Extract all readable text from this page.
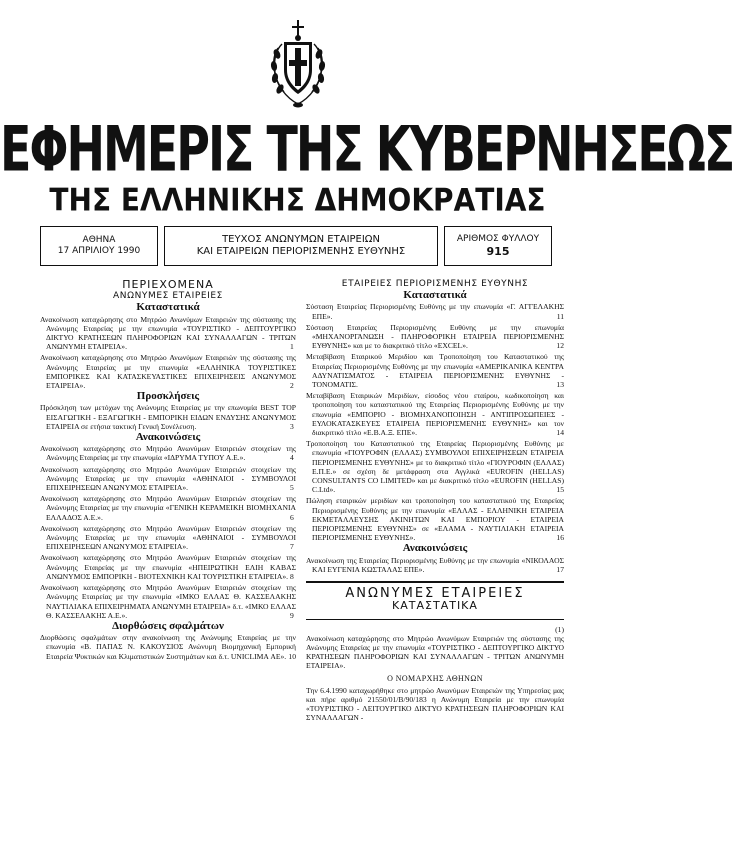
ΕΦΗΜΕΡΙΣ ΤΗΣ ΚΥΒΕΡΝΗΣΕΩΣ
ΤΗΣ ΕΛΛΗΝΙΚΗΣ ΔΗΜΟΚΡΑΤΙΑΣ
ΑΘΗΝΑ
17 ΑΠΡΙΛΙΟΥ 1990
ΤΕΥΧΟΣ ΑΝΩΝΥΜΩΝ ΕΤΑΙΡΕΙΩΝ
ΚΑΙ ΕΤΑΙΡΕΙΩΝ ΠΕΡΙΟΡΙΣΜΕΝΗΣ ΕΥΘΥΝΗΣ
ΑΡΙΘΜΟΣ ΦΥΛΛΟΥ
915
ΠΕΡΙΕΧΟΜΕΝΑ
ΑΝΩΝΥΜΕΣ ΕΤΑΙΡΕΙΕΣ
Καταστατικά
Ανακοίνωση καταχώρησης στο Μητρώο Ανωνύμων Εταιρειών της σύστασης της Ανώνυμης Εταιρείας με την επωνυμία «ΤΟΥΡΙΣΤΙΚΟ - ΔΕΠΤΟΥΡΓΙΚΟ ΔΙΚΤΥΟ ΚΡΑΤΗΣΕΩΝ ΠΛΗΡΟΦΟΡΙΩΝ ΚΑΙ ΣΥΝΑΛΛΑΓΩΝ - ΤΡΙΤΩΝ ΑΝΩΝΥΜΗ ΕΤΑΙΡΕΙΑ».	1
Ανακοίνωση καταχώρησης στο Μητρώο Ανωνύμων Εταιρειών της σύστασης της Ανώνυμης Εταιρείας με την επωνυμία «ΕΛΛΗΝΙΚΑ ΤΟΥΡΙΣΤΙΚΕΣ ΕΜΠΟΡΙΚΕΣ ΚΑΙ ΚΑΤΑΣΚΕΥΑΣΤΙΚΕΣ ΕΠΙΧΕΙΡΗΣΕΙΣ ΑΝΩΝΥΜΟΣ ΕΤΑΙΡΕΙΑ».	2
Προσκλήσεις
Πρόσκληση των μετόχων της Ανώνυμης Εταιρείας με την επωνυμία BEST TOP ΕΙΣΑΓΩΓΙΚΗ - ΕΞΑΓΩΓΙΚΗ - ΕΜΠΟΡΙΚΗ ΕΙΔΩΝ ΕΝΔΥΣΗΣ ΑΝΩΝΥΜΟΣ ΕΤΑΙΡΕΙΑ σε ετήσια τακτική Γενική Συνέλευση.	3
Ανακοινώσεις
Ανακοίνωση καταχώρησης στο Μητρώο Ανωνύμων Εταιρειών στοιχείων της Ανώνυμης Εταιρείας με την επωνυμία «ΙΔΡΥΜΑ ΤΥΠΟΥ Α.Ε.».	4
Ανακοίνωση καταχώρησης στο Μητρώο Ανωνύμων Εταιρειών στοιχείων της Ανώνυμης Εταιρείας με την επωνυμία «ΑΘΗΝΑΙΟΙ - ΣΥΜΒΟΥΛΟΙ ΕΠΙΧΕΙΡΗΣΕΩΝ ΑΝΩΝΥΜΟΣ ΕΤΑΙΡΕΙΑ».	5
Ανακοίνωση καταχώρησης στο Μητρώο Ανωνύμων Εταιρειών στοιχείων της Ανώνυμης Εταιρείας με την επωνυμία «ΓΕΝΙΚΗ ΚΕΡΑΜΕΙΚΗ ΒΙΟΜΗΧΑΝΙΑ ΕΛΛΑΔΟΣ Α.Ε.».	6
Ανακοίνωση καταχώρησης στο Μητρώο Ανωνύμων Εταιρειών στοιχείων της Ανώνυμης Εταιρείας με την επωνυμία «ΑΘΗΝΑΙΟΙ - ΣΥΜΒΟΥΛΟΙ ΕΠΙΧΕΙΡΗΣΕΩΝ ΑΝΩΝΥΜΟΣ ΕΤΑΙΡΕΙΑ».	7
Ανακοίνωση καταχώρησης στο Μητρώο Ανωνύμων Εταιρειών στοιχείων της Ανώνυμης Εταιρείας με την επωνυμία «ΗΠΕΙΡΩΤΙΚΗ ΕΛΙΗ ΚΑΒΑΣ ΑΝΩΝΥΜΟΣ ΕΜΠΟΡΙΚΗ - ΒΙΟΤΕΧΝΙΚΗ ΚΑΙ ΤΟΥΡΙΣΤΙΚΗ ΕΤΑΙΡΕΙΑ». 8
Ανακοίνωση καταχώρησης στο Μητρώο Ανωνύμων Εταιρειών στοιχείων της Ανώνυμης Εταιρείας με την επωνυμία «ΙΜΚΟ ΕΛΛΑΣ Θ. ΚΑΣΣΕΛΑΚΗΣ ΝΑΥΤΙΛΙΑΚΑ ΕΠΙΧΕΙΡΗΜΑΤΑ ΑΝΩΝΥΜΗ ΕΤΑΙΡΕΙΑ» δ.τ. «ΙΜΚΟ ΕΛΛΑΣ Θ. ΚΑΣΣΕΛΑΚΗΣ Α.Ε.».	9
Διορθώσεις σφαλμάτων
Διορθώσεις σφαλμάτων στην ανακοίνωση της Ανώνυμης Εταιρείας με την επωνυμία «Β. ΠΑΠΑΣ Ν. ΚΑΚΟΥΣΙΟΣ Ανώνυμη Βιομηχανική Εμπορική Εταιρεία Ψυκτικών και Κλιματιστικών Συστημάτων και δ.τ. UNICLIMA ΑΕ». 10
ΕΤΑΙΡΕΙΕΣ ΠΕΡΙΟΡΙΣΜΕΝΗΣ ΕΥΘΥΝΗΣ
Καταστατικά
Σύσταση Εταιρείας Περιορισμένης Ευθύνης με την επωνυμία «Γ. ΑΓΓΕΛΑΚΗΣ ΕΠΕ».	11
Σύσταση Εταιρείας Περιορισμένης Ευθύνης με την επωνυμία «ΜΗΧΑΝΟΡΓΑΝΩΣΗ - ΠΛΗΡΟΦΟΡΙΚΗ ΕΤΑΙΡΕΙΑ ΠΕΡΙΟΡΙΣΜΕΝΗΣ ΕΥΘΥΝΗΣ» και με το διακριτικό τίτλο «EXCEL».	12
Μεταβίβαση Εταιρικού Μεριδίου και Τροποποίηση του Καταστατικού της Εταιρείας Περιορισμένης Ευθύνης με την επωνυμία «ΑΜΕΡΙΚΑΝΙΚΑ ΚΕΝΤΡΑ ΑΔΥΝΑΤΙΣΜΑΤΟΣ - ΕΤΑΙΡΕΙΑ ΠΕΡΙΟΡΙΣΜΕΝΗΣ ΕΥΘΥΝΗΣ - ΤΟΝΟΜΑΤΙΣ.	13
Μεταβίβαση Εταιρικών Μεριδίων, είσοδος νέου εταίρου, κωδικοποίηση και τροποποίηση του καταστατικού της Εταιρείας Περιορισμένης Ευθύνης με την επωνυμία «ΕΜΠΟΡΙΟ - ΒΙΟΜΗΧΑΝΟΠΟΙΗΣΗ - ΑΝΤΙΠΡΟΣΩΠΕΙΕΣ - ΕΥΛΟΚΑΤΑΣΚΕΥΕΣ ΕΤΑΙΡΕΙΑ ΠΕΡΙΟΡΙΣΜΕΝΗΣ ΕΥΘΥΝΗΣ» και τον διακριτικό τίτλο «Ε.Β.Α.Ξ. ΕΠΕ».	14
Τροποποίηση του Καταστατικού της Εταιρείας Περιορισμένης Ευθύνης με επωνυμία «ΓΙΟΥΡΟΦΙΝ (ΕΛΛΑΣ) ΣΥΜΒΟΥΛΟΙ ΕΠΙΧΕΙΡΗΣΕΩΝ ΕΤΑΙΡΕΙΑ ΠΕΡΙΟΡΙΣΜΕΝΗΣ ΕΥΘΥΝΗΣ» με το διακριτικό τίτλο «ΓΙΟΥΡΟΦΙΝ (ΕΛΛΑΣ) Ε.Π.Ε.» σε σχέση δε μετάφραση στα Αγγλικά «EUROFIN (HELLAS) CONSULTANTS CO LIMITED» και με διακριτικό τίτλο «EUROFIN (HELLAS) C.Ltd».	15
Πώληση εταιρικών μεριδίων και τροποποίηση του καταστατικού της Εταιρείας Περιορισμένης Ευθύνης με την επωνυμία «ΕΛΛΑΣ - ΕΛΛΗΝΙΚΗ ΕΤΑΙΡΕΙΑ ΕΚΜΕΤΑΛΛΕΥΣΗΣ ΑΚΙΝΗΤΩΝ ΚΑΙ ΕΜΠΟΡΙΟΥ - ΕΤΑΙΡΕΙΑ ΠΕΡΙΟΡΙΣΜΕΝΗΣ ΕΥΘΥΝΗΣ» σε «ΕΛΑΜΑ - ΝΑΥΤΙΛΙΑΚΗ ΕΤΑΙΡΕΙΑ ΠΕΡΙΟΡΙΣΜΕΝΗΣ ΕΥΘΥΝΗΣ».	16
Ανακοινώσεις
Ανακοίνωση της Εταιρείας Περιορισμένης Ευθύνης με την επωνυμία «ΝΙΚΟΛΑΟΣ ΚΑΙ ΕΥΓΕΝΙΑ ΚΩΣΤΑΛΑΣ ΕΠΕ».	17
ΑΝΩΝΥΜΕΣ ΕΤΑΙΡΕΙΕΣ
ΚΑΤΑΣΤΑΤΙΚΑ

(1)

Ανακοίνωση καταχώρησης στο Μητρώο Ανωνύμων Εταιρειών της σύστασης της Ανώνυμης Εταιρείας με την επωνυμία «ΤΟΥΡΙΣΤΙΚΟ - ΔΕΠΤΟΥΡΓΙΚΟ ΔΙΚΤΥΟ ΚΡΑΤΗΣΕΩΝ ΠΛΗΡΟΦΟΡΙΩΝ ΚΑΙ ΣΥΝΑΛΛΑΓΩΝ - ΤΡΙΤΩΝ ΑΝΩΝΥΜΗ ΕΤΑΙΡΕΙΑ».

Ο ΝΟΜΑΡΧΗΣ ΑΘΗΝΩΝ

Την 6.4.1990 καταχωρήθηκε στο μητρώο Ανωνύμων Εταιρειών της Υπηρεσίας μας και πήρε αριθμό 21550/01/Β/90/183 η Ανώνυμη Εταιρεία με την επωνυμία «ΤΟΥΡΙΣΤΙΚΟ - ΛΕΙΤΟΥΡΓΙΚΟ ΔΙΚΤΥΟ ΚΡΑΤΗΣΕΩΝ ΠΛΗΡΟΦΟΡΙΩΝ ΚΑΙ ΣΥΝΑΛΛΑΓΩΝ -
